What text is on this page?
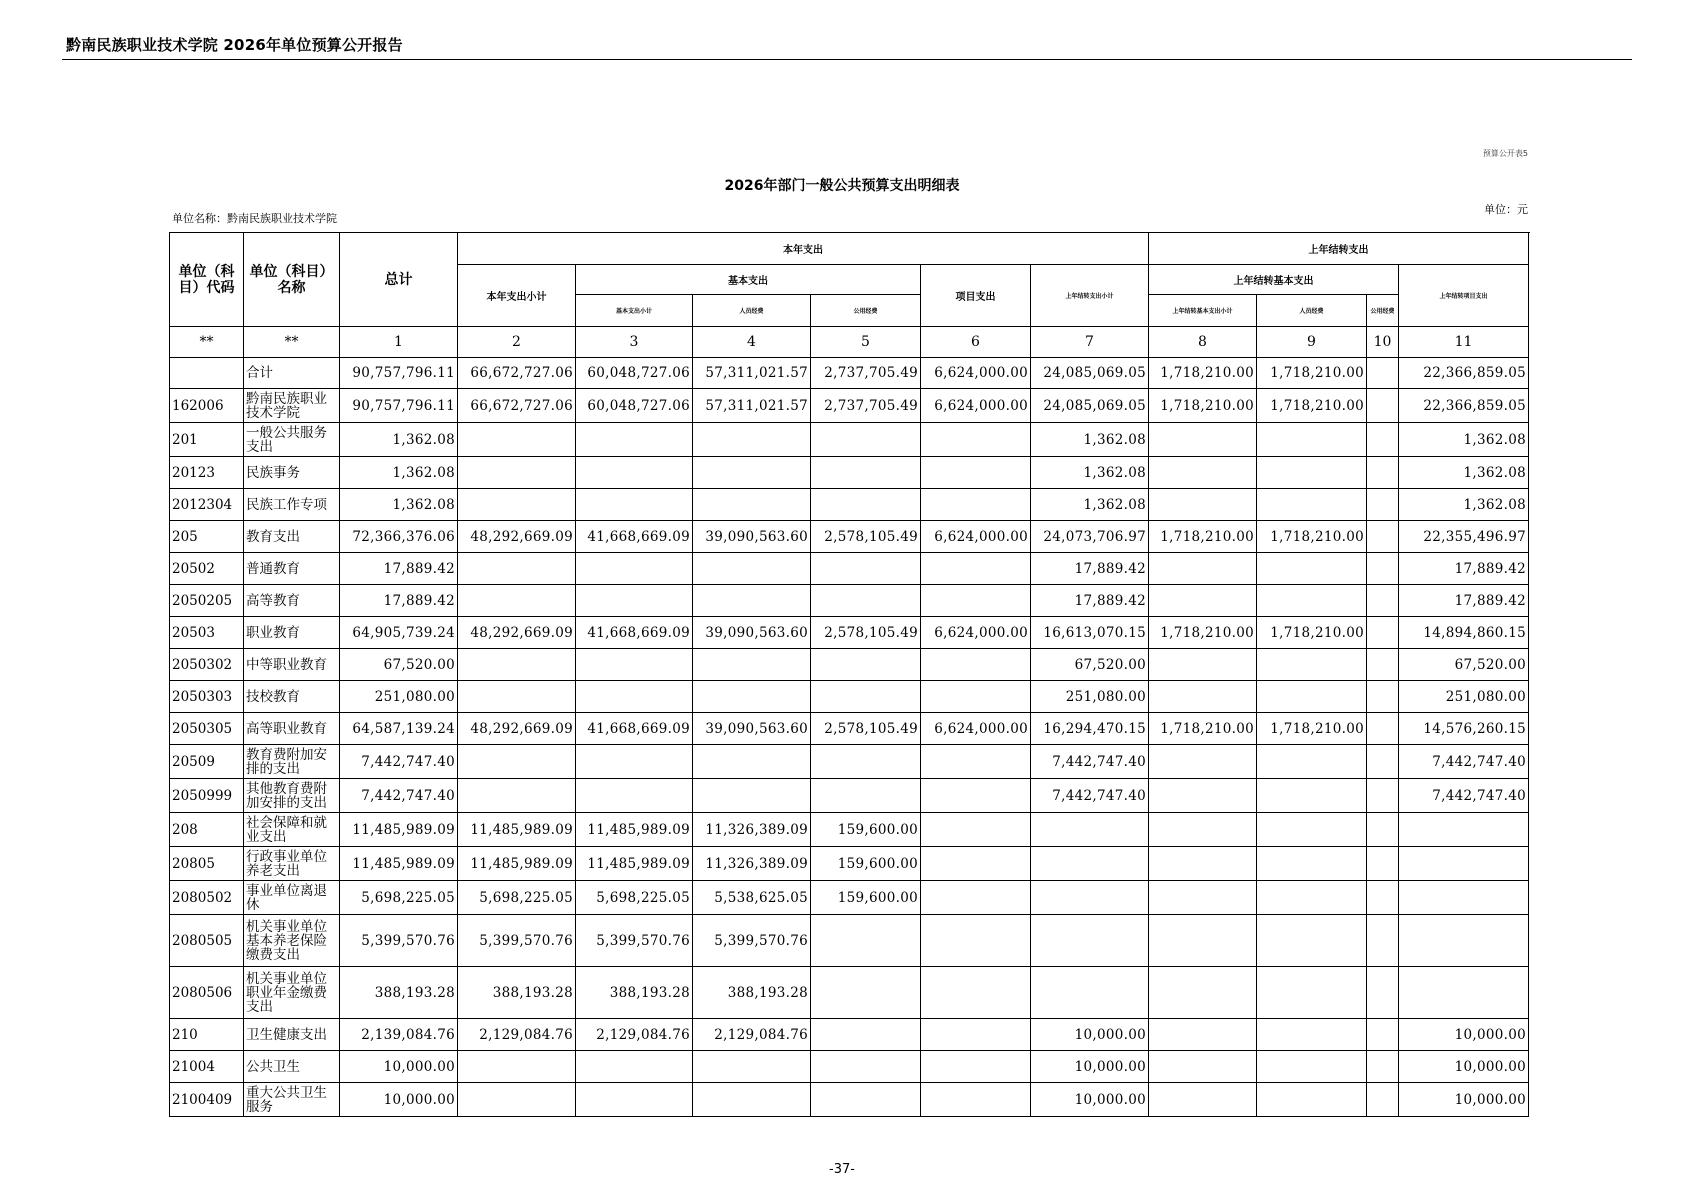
黔南民族职业技术学院 2026年单位预算公开报告
预算公开表5
2026年部门一般公共预算支出明细表
单位名称：黔南民族职业技术学院
单位：元
单位（科目）代码	单位（科目）名称	总计	本年支出						上年结转支出			
			本年支出小计	基本支出			项目支出	上年结转支出小计	上年结转基本支出			上年结转项目支出
				基本支出小计	人员经费	公用经费			上年结转基本支出小计	人员经费	公用经费	
**	**	1	2	3	4	5	6	7	8	9	10	11
	合计	90,757,796.11	66,672,727.06	60,048,727.06	57,311,021.57	2,737,705.49	6,624,000.00	24,085,069.05	1,718,210.00	1,718,210.00		22,366,859.05
162006	黔南民族职业技术学院	90,757,796.11	66,672,727.06	60,048,727.06	57,311,021.57	2,737,705.49	6,624,000.00	24,085,069.05	1,718,210.00	1,718,210.00		22,366,859.05
201	一般公共服务支出	1,362.08						1,362.08				1,362.08
20123	民族事务	1,362.08						1,362.08				1,362.08
2012304	民族工作专项	1,362.08						1,362.08				1,362.08
205	教育支出	72,366,376.06	48,292,669.09	41,668,669.09	39,090,563.60	2,578,105.49	6,624,000.00	24,073,706.97	1,718,210.00	1,718,210.00		22,355,496.97
20502	普通教育	17,889.42						17,889.42				17,889.42
2050205	高等教育	17,889.42						17,889.42				17,889.42
20503	职业教育	64,905,739.24	48,292,669.09	41,668,669.09	39,090,563.60	2,578,105.49	6,624,000.00	16,613,070.15	1,718,210.00	1,718,210.00		14,894,860.15
2050302	中等职业教育	67,520.00						67,520.00				67,520.00
2050303	技校教育	251,080.00						251,080.00				251,080.00
2050305	高等职业教育	64,587,139.24	48,292,669.09	41,668,669.09	39,090,563.60	2,578,105.49	6,624,000.00	16,294,470.15	1,718,210.00	1,718,210.00		14,576,260.15
20509	教育费附加安排的支出	7,442,747.40						7,442,747.40				7,442,747.40
2050999	其他教育费附加安排的支出	7,442,747.40						7,442,747.40				7,442,747.40
208	社会保障和就业支出	11,485,989.09	11,485,989.09	11,485,989.09	11,326,389.09	159,600.00						
20805	行政事业单位养老支出	11,485,989.09	11,485,989.09	11,485,989.09	11,326,389.09	159,600.00						
2080502	事业单位离退休	5,698,225.05	5,698,225.05	5,698,225.05	5,538,625.05	159,600.00						
2080505	机关事业单位基本养老保险缴费支出	5,399,570.76	5,399,570.76	5,399,570.76	5,399,570.76							
2080506	机关事业单位职业年金缴费支出	388,193.28	388,193.28	388,193.28	388,193.28							
210	卫生健康支出	2,139,084.76	2,129,084.76	2,129,084.76	2,129,084.76			10,000.00				10,000.00
21004	公共卫生	10,000.00						10,000.00				10,000.00
2100409	重大公共卫生服务	10,000.00						10,000.00				10,000.00
-37-
